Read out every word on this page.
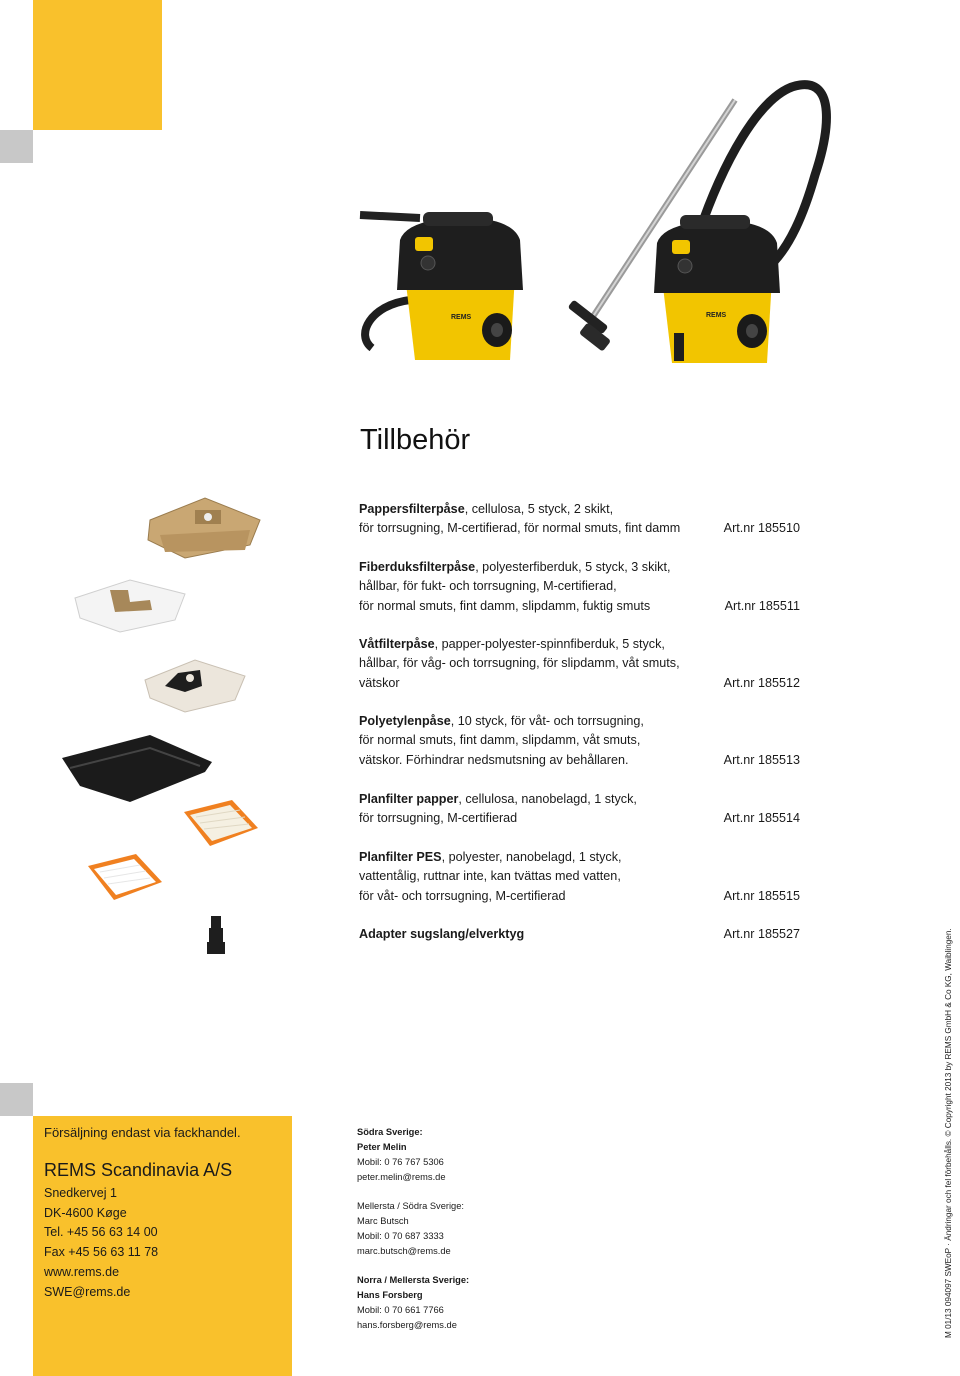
REMS	REMS
Tillbehör
Pappersfilterpåse, cellulosa, 5 styck, 2 skikt,
för torrsugning, M-certifierad, för normal smuts, fint damm	Art.nr 185510
Fiberduksfilterpåse, polyesterfiberduk, 5 styck, 3 skikt,
hållbar, för fukt- och torrsugning, M-certifierad,
för normal smuts, fint damm, slipdamm, fuktig smuts	Art.nr 185511
Våtfilterpåse, papper-polyester-spinnfiberduk, 5 styck,
hållbar, för våg- och torrsugning, för slipdamm, våt smuts,
vätskor	Art.nr 185512
Polyetylenpåse, 10 styck, för våt- och torrsugning,
för normal smuts, fint damm, slipdamm, våt smuts,
vätskor. Förhindrar nedsmutsning av behållaren.	Art.nr 185513
Planfilter papper, cellulosa, nanobelagd, 1 styck,
för torrsugning, M-certifierad	Art.nr 185514
Planfilter PES, polyester, nanobelagd, 1 styck,
vattentålig, ruttnar inte, kan tvättas med vatten,
för våt- och torrsugning, M-certifierad	Art.nr 185515
Adapter sugslang/elverktyg	Art.nr 185527
Försäljning endast via fackhandel.
REMS Scandinavia A/S
Snedkervej 1
DK-4600 Køge
Tel. +45 56 63 14 00
Fax +45 56 63 11 78
www.rems.de
SWE@rems.de
Södra Sverige:
Peter Melin
Mobil: 0 76 767 5306
peter.melin@rems.de
Mellersta / Södra Sverige:
Marc Butsch
Mobil: 0 70 687 3333
marc.butsch@rems.de
Norra / Mellersta Sverige:
Hans Forsberg
Mobil: 0 70 661 7766
hans.forsberg@rems.de	M 01/13 094097 SWEoP · Ändringar och fel förbehålls. © Copyright 2013 by REMS GmbH & Co KG, Waiblingen.
